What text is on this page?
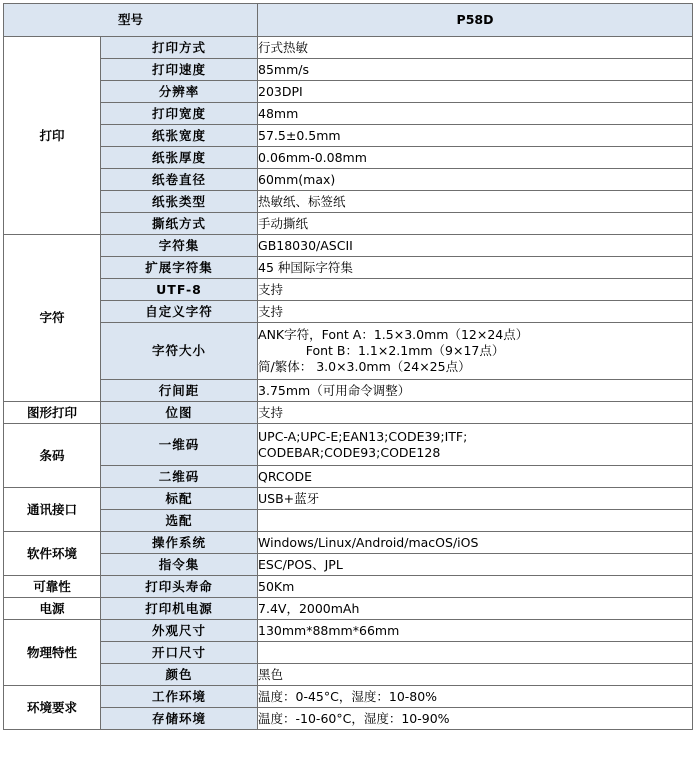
型号		P58D
打印	打印方式	行式热敏
	打印速度	85mm/s
	分辨率	203DPI
	打印宽度	48mm
	纸张宽度	57.5±0.5mm
	纸张厚度	0.06mm-0.08mm
	纸卷直径	60mm(max)
	纸张类型	热敏纸、标签纸
	撕纸方式	手动撕纸
字符	字符集	GB18030/ASCII
	扩展字符集	45 种国际字符集
	UTF-8	支持
	自定义字符	支持
	字符大小	ANK字符，Font A：1.5×3.0mm（12×24点）
Font B：1.1×2.1mm（9×17点）
简/繁体： 3.0×3.0mm（24×25点）

	行间距	3.75mm（可用命令调整）
图形打印	位图	支持
条码	一维码	UPC-A;UPC-E;EAN13;CODE39;ITF;
CODEBAR;CODE93;CODE128

	二维码	QRCODE
通讯接口	标配	USB+蓝牙
	选配	
软件环境	操作系统	Windows/Linux/Android/macOS/iOS
	指令集	ESC/POS、JPL
可靠性	打印头寿命	50Km
电源	打印机电源	7.4V，2000mAh
物理特性	外观尺寸	130mm*88mm*66mm
	开口尺寸	
	颜色	黑色
环境要求	工作环境	温度：0-45°C，湿度：10-80%
	存储环境	温度：-10-60°C，湿度：10-90%
